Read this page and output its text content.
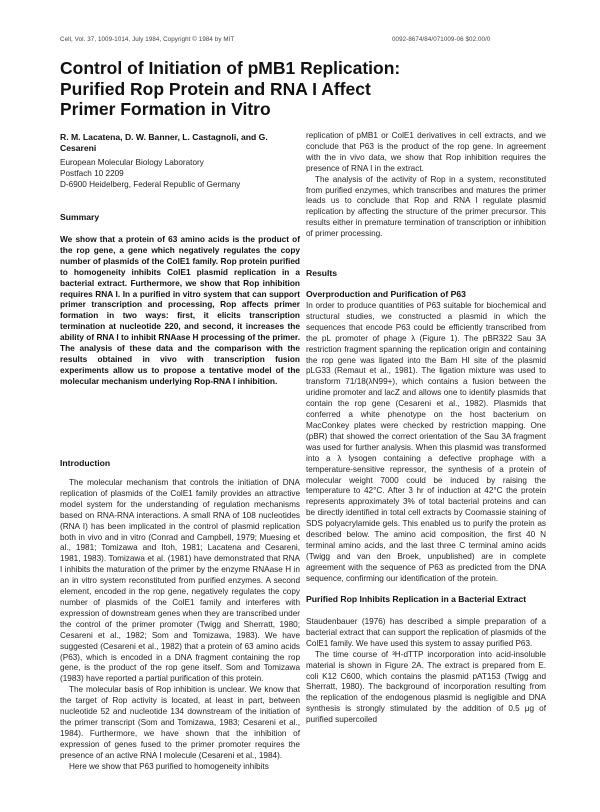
Cell, Vol. 37, 1009-1014, July 1984, Copyright © 1984 by MIT	0092-8674/84/071009-06 $02.00/0
Control of Initiation of pMB1 Replication: Purified Rop Protein and RNA I Affect Primer Formation in Vitro
R. M. Lacatena, D. W. Banner, L. Castagnoli, and G. Cesareni
European Molecular Biology Laboratory
Postfach 10 2209
D-6900 Heidelberg, Federal Republic of Germany
Summary
We show that a protein of 63 amino acids is the product of the rop gene, a gene which negatively regulates the copy number of plasmids of the ColE1 family. Rop protein purified to homogeneity inhibits ColE1 plasmid replication in a bacterial extract. Furthermore, we show that Rop inhibition requires RNA I. In a purified in vitro system that can support primer transcription and processing, Rop affects primer formation in two ways: first, it elicits transcription termination at nucleotide 220, and second, it increases the ability of RNA I to inhibit RNAase H processing of the primer. The analysis of these data and the comparison with the results obtained in vivo with transcription fusion experiments allow us to propose a tentative model of the molecular mechanism underlying Rop-RNA I inhibition.
Introduction

The molecular mechanism that controls the initiation of DNA replication of plasmids of the ColE1 family provides an attractive model system for the understanding of regulation mechanisms based on RNA-RNA interactions. A small RNA of 108 nucleotides (RNA I) has been implicated in the control of plasmid replication both in vivo and in vitro (Conrad and Campbell, 1979; Muesing et al., 1981; Tomizawa and Itoh, 1981; Lacatena and Cesareni, 1981, 1983). Tomizawa et al. (1981) have demonstrated that RNA I inhibits the maturation of the primer by the enzyme RNAase H in an in vitro system reconstituted from purified enzymes. A second element, encoded in the rop gene, negatively regulates the copy number of plasmids of the ColE1 family and interferes with expression of downstream genes when they are transcribed under the control of the primer promoter (Twigg and Sherratt, 1980; Cesareni et al., 1982; Som and Tomizawa, 1983). We have suggested (Cesareni et al., 1982) that a protein of 63 amino acids (P63), which is encoded in a DNA fragment containing the rop gene, is the product of the rop gene itself. Som and Tomizawa (1983) have reported a partial purification of this protein.

The molecular basis of Rop inhibition is unclear. We know that the target of Rop activity is located, at least in part, between nucleotide 52 and nucleotide 134 downstream of the initiation of the primer transcript (Som and Tomizawa, 1983; Cesareni et al., 1984). Furthermore, we have shown that the inhibition of expression of genes fused to the primer promoter requires the presence of an active RNA I molecule (Cesareni et al., 1984).

Here we show that P63 purified to homogeneity inhibits

replication of pMB1 or ColE1 derivatives in cell extracts, and we conclude that P63 is the product of the rop gene. In agreement with the in vivo data, we show that Rop inhibition requires the presence of RNA I in the extract.

The analysis of the activity of Rop in a system, reconstituted from purified enzymes, which transcribes and matures the primer leads us to conclude that Rop and RNA I regulate plasmid replication by affecting the structure of the primer precursor. This results either in premature termination of transcription or inhibition of primer processing.

Results
Overproduction and Purification of P63

In order to produce quantities of P63 suitable for biochemical and structural studies, we constructed a plasmid in which the sequences that encode P63 could be efficiently transcribed from the pL promoter of phage λ (Figure 1). The pBR322 Sau 3A restriction fragment spanning the replication origin and containing the rop gene was ligated into the Bam HI site of the plasmid pLG33 (Remaut et al., 1981). The ligation mixture was used to transform 71/18(λN99+), which contains a fusion between the uridine promoter and lacZ and allows one to identify plasmids that contain the rop gene (Cesareni et al., 1982). Plasmids that conferred a white phenotype on the host bacterium on MacConkey plates were checked by restriction mapping. One (pBR) that showed the correct orientation of the Sau 3A fragment was used for further analysis. When this plasmid was transformed into a λ lysogen containing a defective prophage with a temperature-sensitive repressor, the synthesis of a protein of molecular weight 7000 could be induced by raising the temperature to 42°C. After 3 hr of induction at 42°C the protein represents approximately 3% of total bacterial proteins and can be directly identified in total cell extracts by Coomassie staining of SDS polyacrylamide gels. This enabled us to purify the protein as described below. The amino acid composition, the first 40 N terminal amino acids, and the last three C terminal amino acids (Twigg and van den Broek, unpublished) are in complete agreement with the sequence of P63 as predicted from the DNA sequence, confirming our identification of the protein.

Purified Rop Inhibits Replication in a Bacterial Extract

Staudenbauer (1976) has described a simple preparation of a bacterial extract that can support the replication of plasmids of the ColE1 family. We have used this system to assay purified P63.

The time course of ³H-dTTP incorporation into acid-insoluble material is shown in Figure 2A. The extract is prepared from E. coli K12 C600, which contains the plasmid pAT153 (Twigg and Sherratt, 1980). The background of incorporation resulting from the replication of the endogenous plasmid is negligible and DNA synthesis is strongly stimulated by the addition of 0.5 μg of purified supercoiled
